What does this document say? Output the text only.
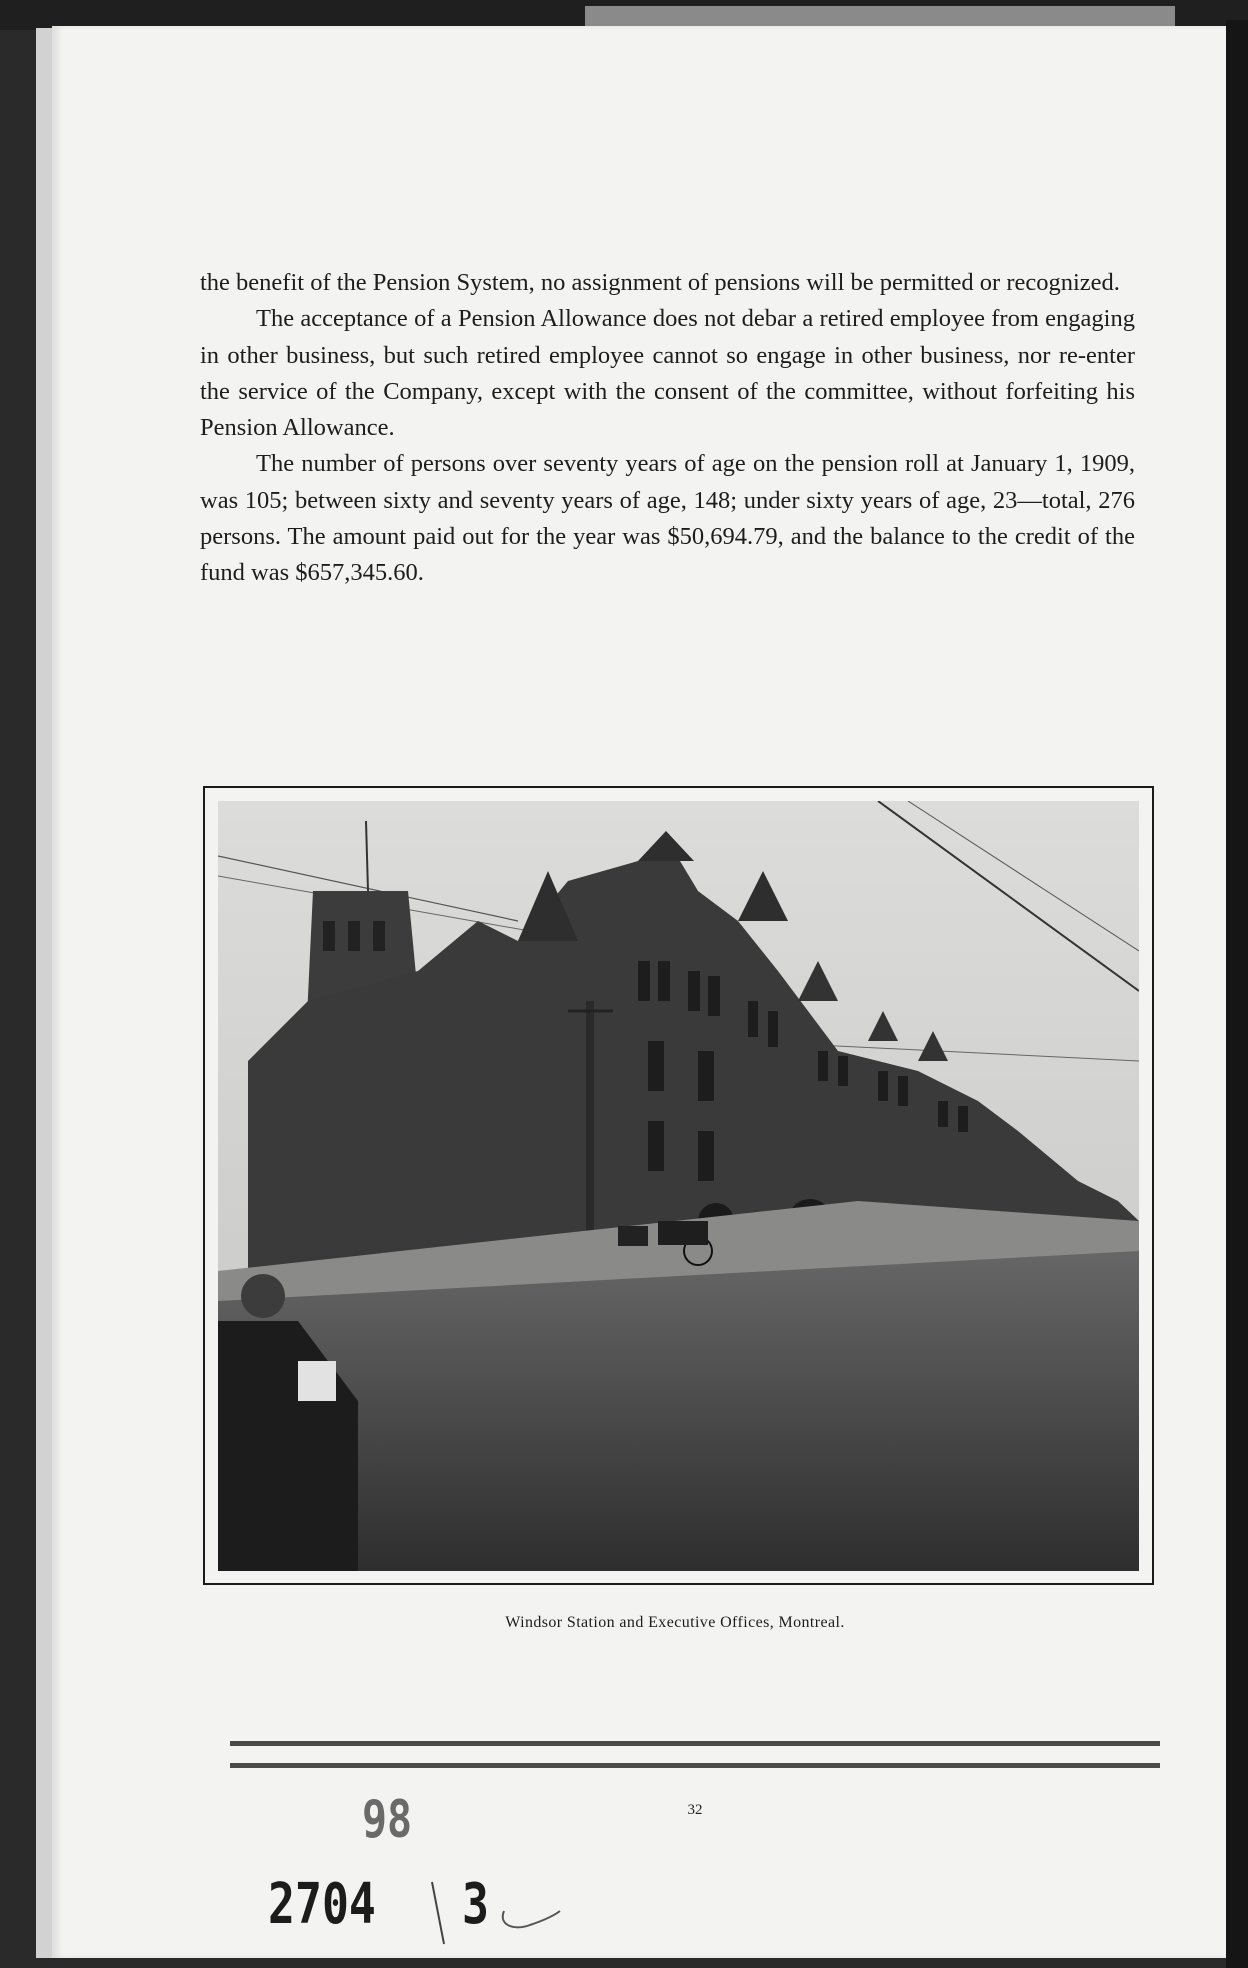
the benefit of the Pension System, no assignment of pensions will be permitted or recognized.

The acceptance of a Pension Allowance does not debar a retired employee from engaging in other business, but such retired employee cannot so engage in other business, nor re-enter the service of the Company, except with the consent of the committee, without forfeiting his Pension Allowance.

The number of persons over seventy years of age on the pension roll at January 1, 1909, was 105; between sixty and seventy years of age, 148; under sixty years of age, 23—total, 276 persons. The amount paid out for the year was $50,694.79, and the balance to the credit of the fund was $657,345.60.

Windsor Station and Executive Offices, Montreal.
32
98
2704 3
